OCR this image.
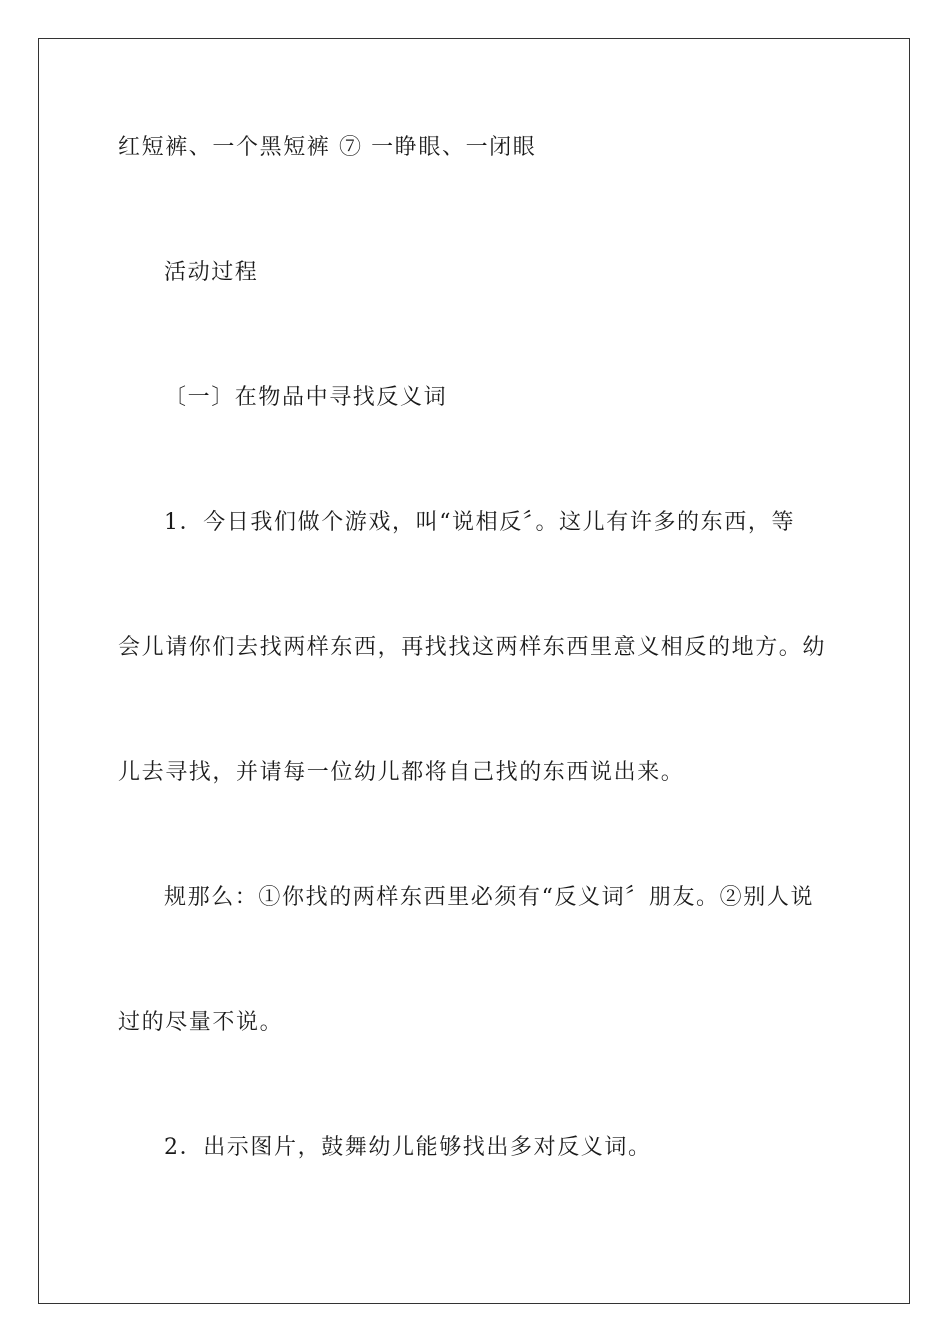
红短裤、一个黑短裤 ⑦ 一睁眼、一闭眼
活动过程
〔一〕在物品中寻找反义词
1．今日我们做个游戏，叫“说相反〞。这儿有许多的东西，等
会儿请你们去找两样东西，再找找这两样东西里意义相反的地方。幼
儿去寻找，并请每一位幼儿都将自己找的东西说出来。
规那么：①你找的两样东西里必须有“反义词〞朋友。②别人说
过的尽量不说。
2．出示图片，鼓舞幼儿能够找出多对反义词。
